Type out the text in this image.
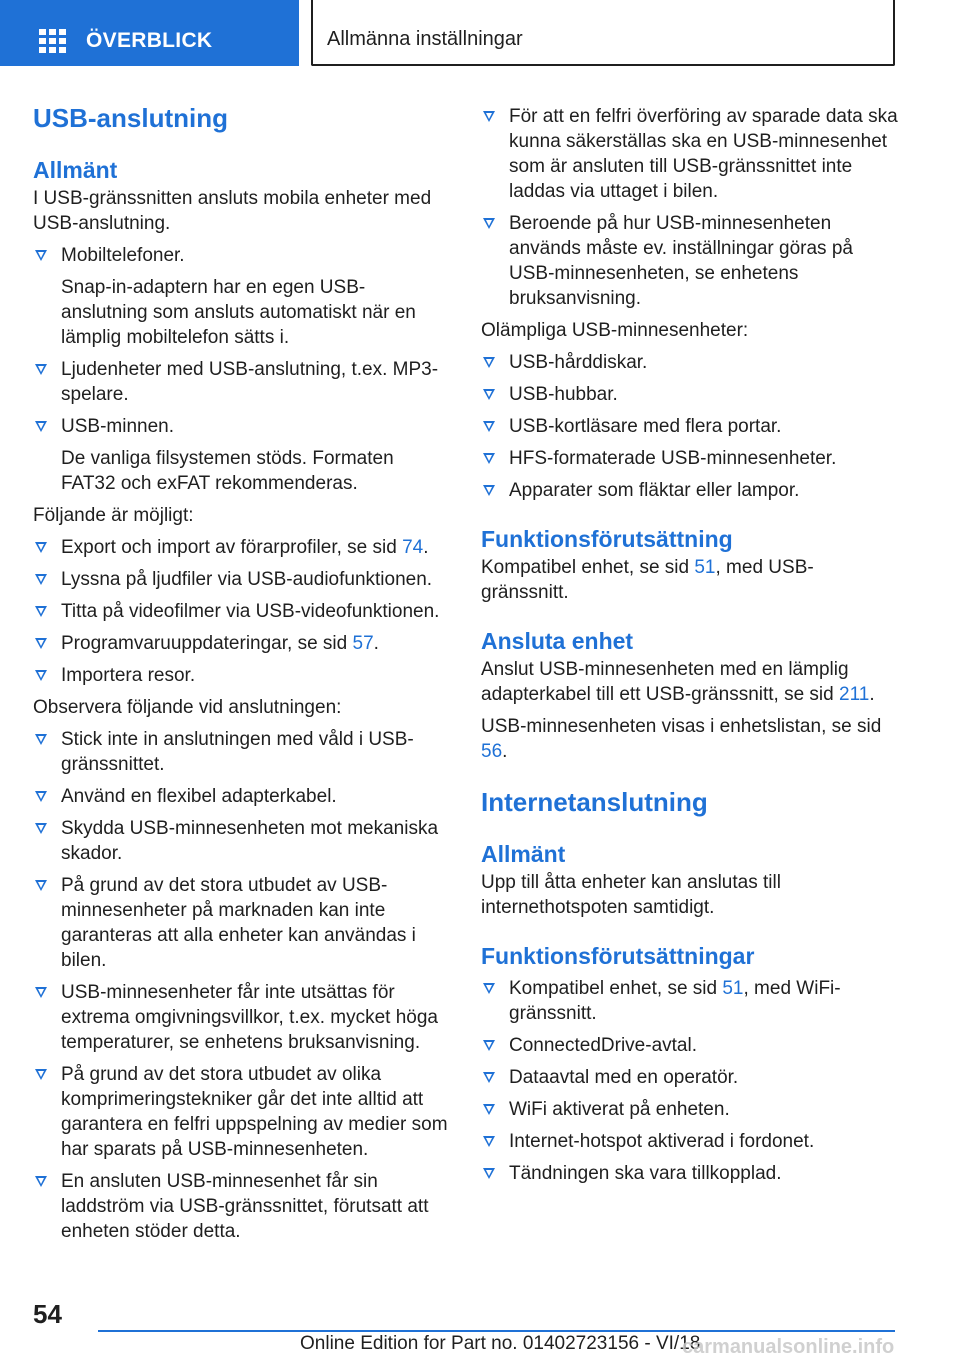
ÖVERBLICK	Allmänna inställningar
USB-anslutning
Allmänt

I USB-gränssnitten ansluts mobila enheter med USB-anslutning.

Mobiltelefoner.
Snap-in-adaptern har en egen USB-anslutning som ansluts automatiskt när en lämplig mobiltelefon sätts i.
Ljudenheter med USB-anslutning, t.ex. MP3-spelare.
USB-minnen.
De vanliga filsystemen stöds. Formaten FAT32 och exFAT rekommenderas.

Följande är möjligt:

Export och import av förarprofiler, se sid 74.
Lyssna på ljudfiler via USB-audiofunktionen.
Titta på videofilmer via USB-videofunktionen.
Programvaruuppdateringar, se sid 57.
Importera resor.

Observera följande vid anslutningen:

Stick inte in anslutningen med våld i USB-gränssnittet.
Använd en flexibel adapterkabel.
Skydda USB-minnesenheten mot mekaniska skador.
På grund av det stora utbudet av USB-minnesenheter på marknaden kan inte garanteras att alla enheter kan användas i bilen.
USB-minnesenheter får inte utsättas för extrema omgivningsvillkor, t.ex. mycket höga temperaturer, se enhetens bruksanvisning.
På grund av det stora utbudet av olika komprimeringstekniker går det inte alltid att garantera en felfri uppspelning av medier som har sparats på USB-minnesenheten.
En ansluten USB-minnesenhet får sin laddström via USB-gränssnittet, förutsatt att enheten stöder detta.
För att en felfri överföring av sparade data ska kunna säkerställas ska en USB-minnesenhet som är ansluten till USB-gränssnittet inte laddas via uttaget i bilen.
Beroende på hur USB-minnesenheten används måste ev. inställningar göras på USB-minnesenheten, se enhetens bruksanvisning.

Olämpliga USB-minnesenheter:

USB-hårddiskar.
USB-hubbar.
USB-kortläsare med flera portar.
HFS-formaterade USB-minnesenheter.
Apparater som fläktar eller lampor.
Funktionsförutsättning

Kompatibel enhet, se sid 51, med USB-gränssnitt.

Ansluta enhet

Anslut USB-minnesenheten med en lämplig adapterkabel till ett USB-gränssnitt, se sid 211.

USB-minnesenheten visas i enhetslistan, se sid 56.

Internetanslutning
Allmänt

Upp till åtta enheter kan anslutas till internethotspoten samtidigt.

Funktionsförutsättningar
Kompatibel enhet, se sid 51, med WiFi-gränssnitt.
ConnectedDrive-avtal.
Dataavtal med en operatör.
WiFi aktiverat på enheten.
Internet-hotspot aktiverad i fordonet.
Tändningen ska vara tillkopplad.
54
Online Edition for Part no. 01402723156 - VI/18
carmanualsonline.info
